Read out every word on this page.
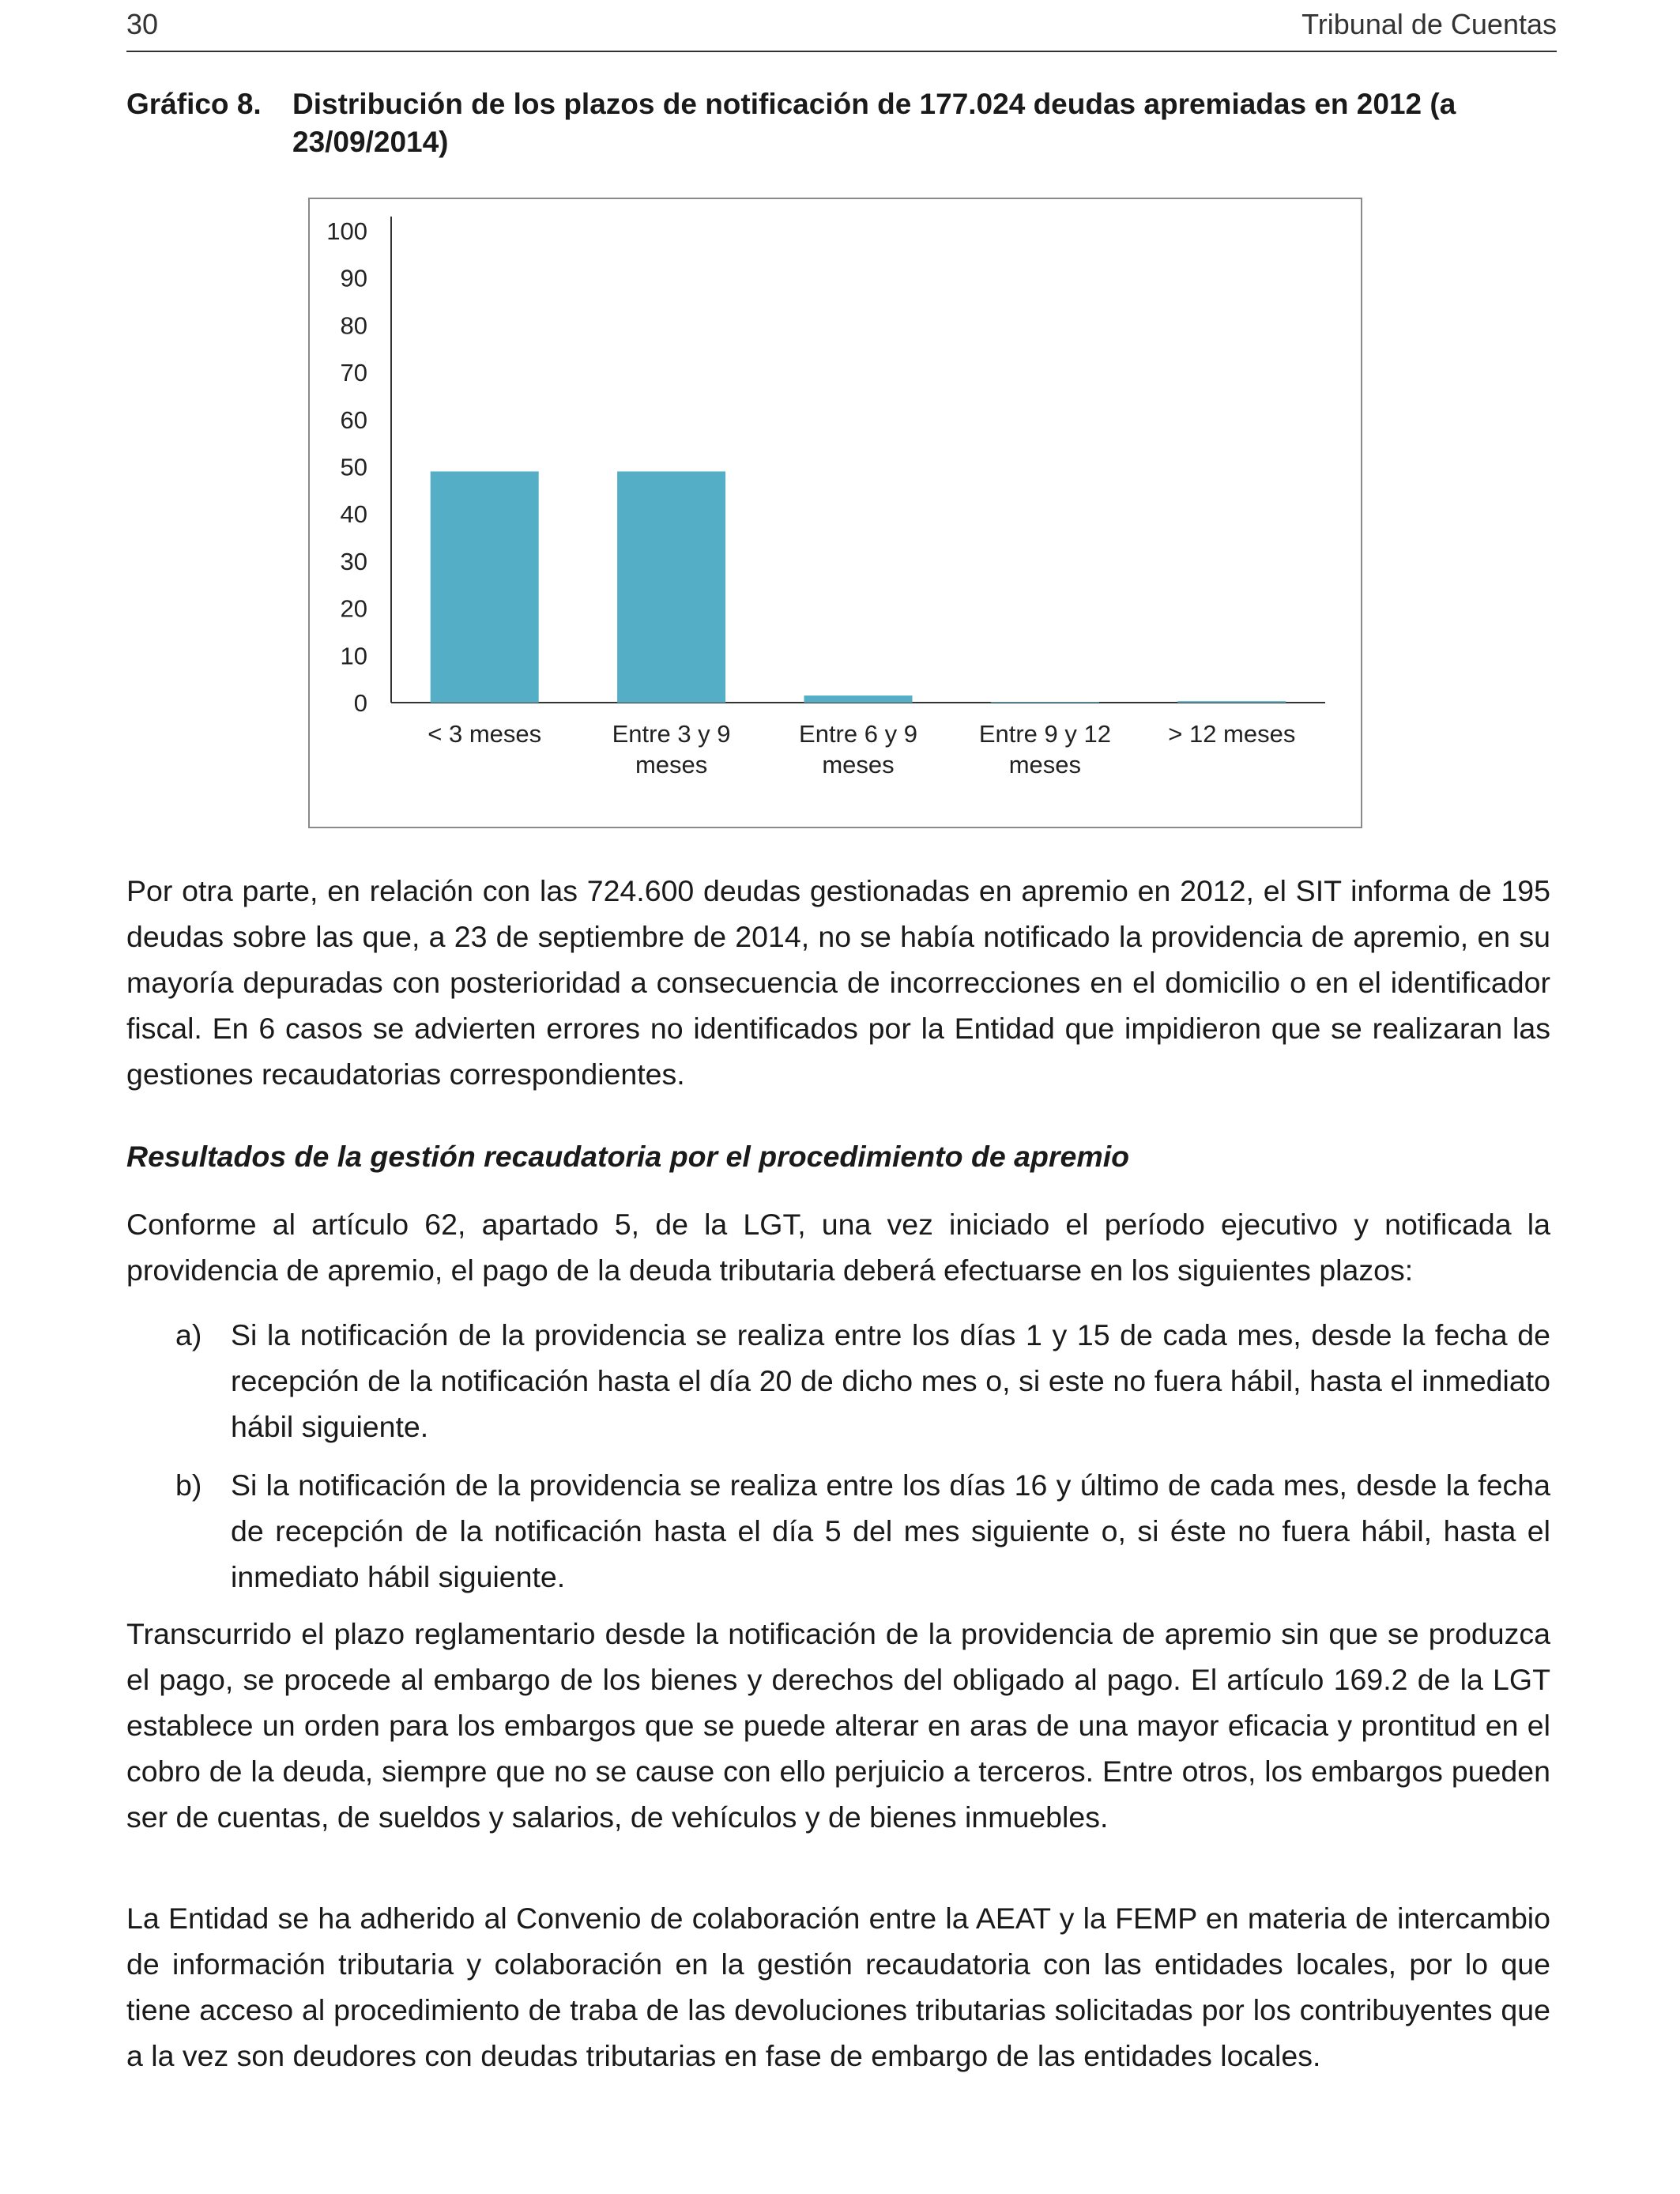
30	Tribunal de Cuentas
Gráfico 8.	Distribución de los plazos de notificación de 177.024 deudas apremiadas en 2012 (a 23/09/2014)
0
10
20
30
40
50
60
70
80
90
100
< 3 meses	Entre 3 y 9
meses
Entre 6 y 9
meses
Entre 9 y 12
meses
> 12 meses

Por otra parte, en relación con las 724.600 deudas gestionadas en apremio en 2012, el SIT informa de 195 deudas sobre las que, a 23 de septiembre de 2014, no se había notificado la providencia de apremio, en su mayoría depuradas con posterioridad a consecuencia de incorrecciones en el domicilio o en el identificador fiscal. En 6 casos se advierten errores no identificados por la Entidad que impidieron que se realizaran las gestiones recaudatorias correspondientes.

Resultados de la gestión recaudatoria por el procedimiento de apremio

Conforme al artículo 62, apartado 5, de la LGT, una vez iniciado el período ejecutivo y notificada la providencia de apremio, el pago de la deuda tributaria deberá efectuarse en los siguientes plazos:

a) Si la notificación de la providencia se realiza entre los días 1 y 15 de cada mes, desde la fecha de recepción de la notificación hasta el día 20 de dicho mes o, si este no fuera hábil, hasta el inmediato hábil siguiente.
b) Si la notificación de la providencia se realiza entre los días 16 y último de cada mes, desde la fecha de recepción de la notificación hasta el día 5 del mes siguiente o, si éste no fuera hábil, hasta el inmediato hábil siguiente.

Transcurrido el plazo reglamentario desde la notificación de la providencia de apremio sin que se produzca el pago, se procede al embargo de los bienes y derechos del obligado al pago. El artículo 169.2 de la LGT establece un orden para los embargos que se puede alterar en aras de una mayor eficacia y prontitud en el cobro de la deuda, siempre que no se cause con ello perjuicio a terceros. Entre otros, los embargos pueden ser de cuentas, de sueldos y salarios, de vehículos y de bienes inmuebles.

La Entidad se ha adherido al Convenio de colaboración entre la AEAT y la FEMP en materia de intercambio de información tributaria y colaboración en la gestión recaudatoria con las entidades locales, por lo que tiene acceso al procedimiento de traba de las devoluciones tributarias solicitadas por los contribuyentes que a la vez son deudores con deudas tributarias en fase de embargo de las entidades locales.
